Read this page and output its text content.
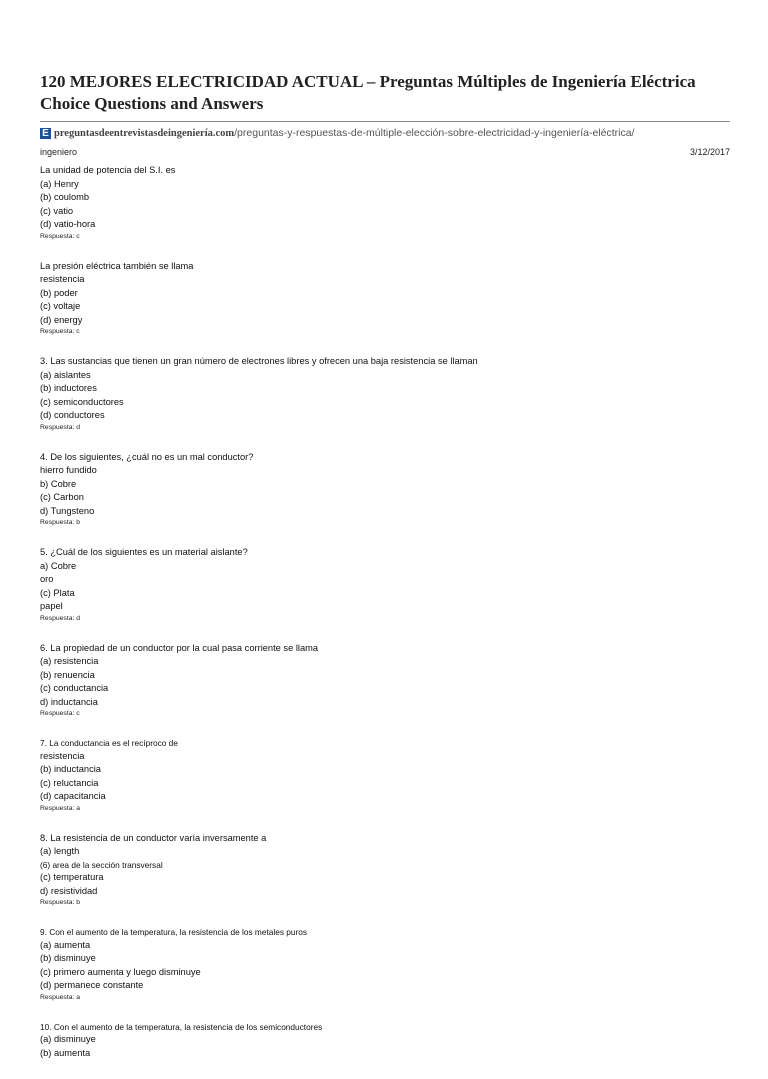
120 MEJORES ELECTRICIDAD ACTUAL – Preguntas Múltiples de Ingeniería Eléctrica
Choice Questions and Answers
E preguntasdeentrevistasdeingeniería.com /preguntas-y-respuestas-de-múltiple-elección-sobre-electricidad-y-ingeniería-eléctrica/
ingeniero	3/12/2017
La unidad de potencia del S.I. es
(a) Henry
(b) coulomb
(c) vatio
(d) vatio-hora
Respuesta: c
La presión eléctrica también se llama
resistencia
(b) poder
(c) voltaje
(d) energy
Respuesta: c
3. Las sustancias que tienen un gran número de electrones libres y ofrecen una baja resistencia se llaman
(a) aislantes
(b) inductores
(c) semiconductores
(d) conductores
Respuesta: d
4. De los siguientes, ¿cuál no es un mal conductor?
hierro fundido
b) Cobre
(c) Carbon
d) Tungsteno
Respuesta: b
5. ¿Cuál de los siguientes es un material aislante?
a) Cobre
oro
(c) Plata
papel
Respuesta: d
6. La propiedad de un conductor por la cual pasa corriente se llama
(a) resistencia
(b) renuencia
(c) conductancia
d) inductancia
Respuesta: c
7. La conductancia es el recíproco de
resistencia
(b) inductancia
(c) reluctancia
(d) capacitancia
Respuesta: a
8. La resistencia de un conductor varía inversamente a
(a) length
(6) area de la sección transversal
(c) temperatura
d) resistividad
Respuesta: b
9. Con el aumento de la temperatura, la resistencia de los metales puros
(a) aumenta
(b) disminuye
(c) primero aumenta y luego disminuye
(d) permanece constante
Respuesta: a
10. Con el aumento de la temperatura, la resistencia de los semiconductores
(a) disminuye
(b) aumenta
